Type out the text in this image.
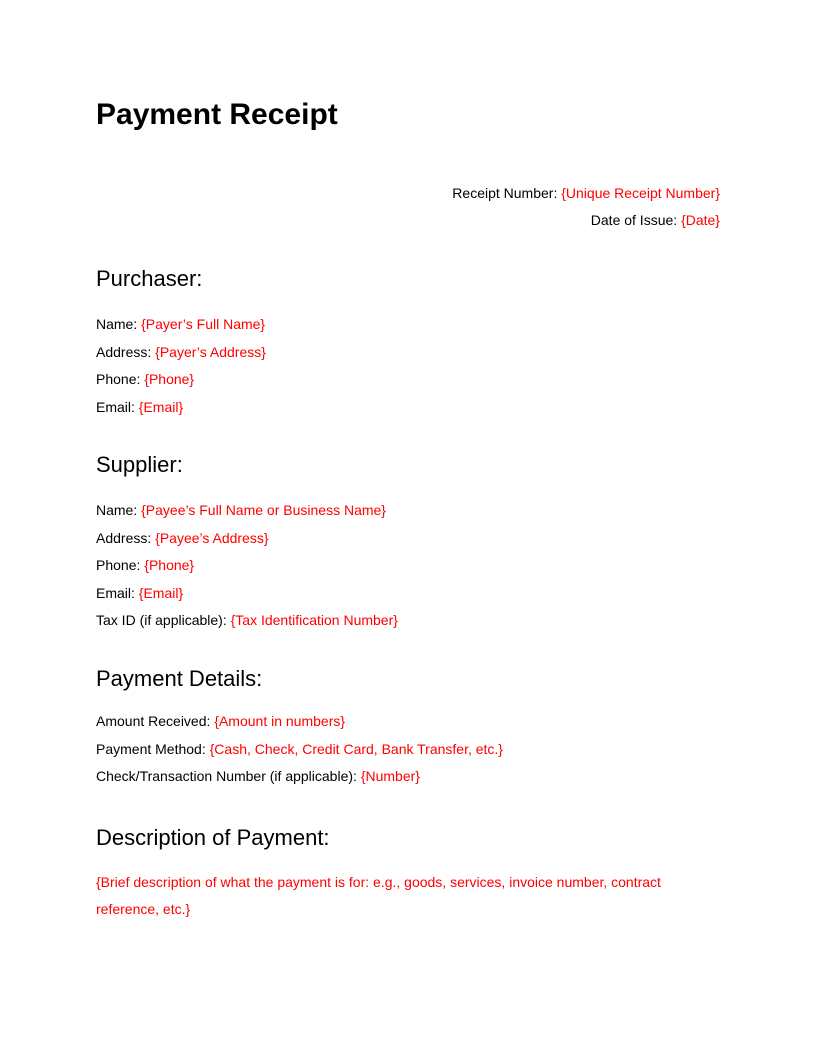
Payment Receipt
Receipt Number: {Unique Receipt Number}
Date of Issue: {Date}
Purchaser:
Name: {Payer’s Full Name}
Address: {Payer’s Address}
Phone: {Phone}
Email: {Email}
Supplier:
Name: {Payee’s Full Name or Business Name}
Address: {Payee’s Address}
Phone: {Phone}
Email: {Email}
Tax ID (if applicable): {Tax Identification Number}
Payment Details:
Amount Received: {Amount in numbers}
Payment Method: {Cash, Check, Credit Card, Bank Transfer, etc.}
Check/Transaction Number (if applicable): {Number}
Description of Payment:
{Brief description of what the payment is for: e.g., goods, services, invoice number, contract reference, etc.}
